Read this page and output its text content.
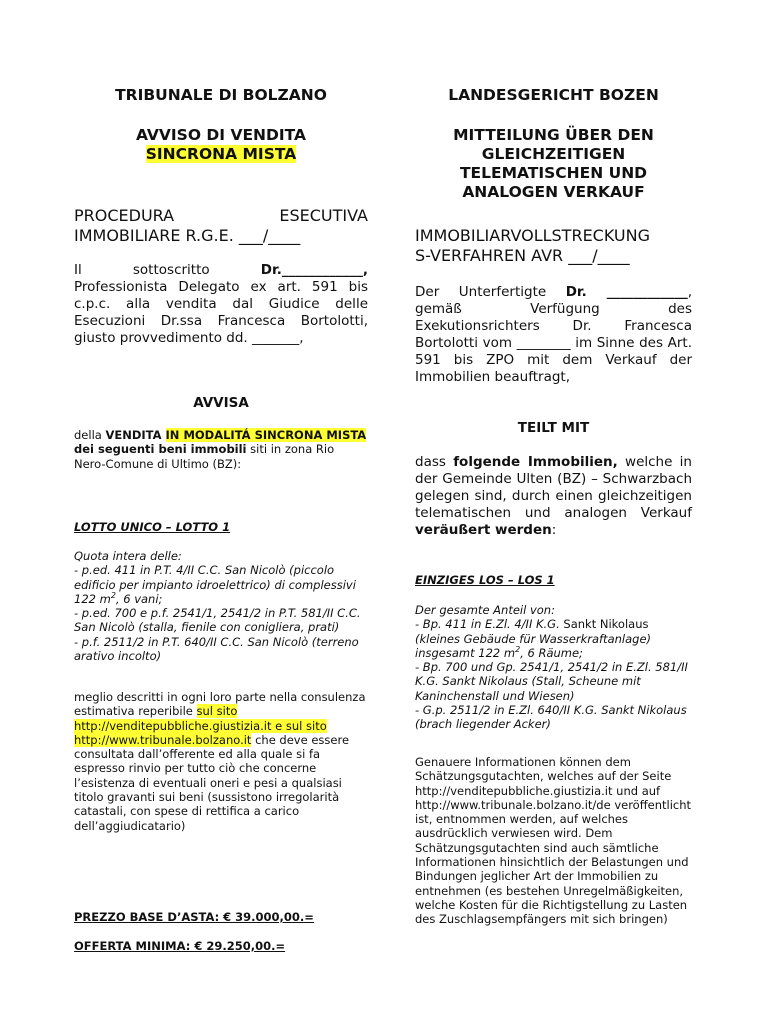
TRIBUNALE DI BOLZANO

AVVISO DI VENDITA
SINCRONA MISTA

PROCEDURA ESECUTIVA IMMOBILIARE R.G.E. ___/____

Il sottoscritto Dr.____________, Professionista Delegato ex art. 591 bis c.p.c. alla vendita dal Giudice delle Esecuzioni Dr.ssa Francesca Bortolotti, giusto provvedimento dd. _______,

AVVISA

della VENDITA IN MODALITÁ SINCRONA MISTA dei seguenti beni immobili siti in zona Rio Nero-Comune di Ultimo (BZ):

LOTTO UNICO – LOTTO 1

Quota intera delle:
- p.ed. 411 in P.T. 4/II C.C. San Nicolò (piccolo edificio per impianto idroelettrico) di complessivi 122 $m^2$, 6 vani;
- p.ed. 700 e p.f. 2541/1, 2541/2 in P.T. 581/II C.C. San Nicolò (stalla, fienile con conigliera, prati)
- p.f. 2511/2 in P.T. 640/II C.C. San Nicolò (terreno arativo incolto)

meglio descritti in ogni loro parte nella consulenza estimativa reperibile sul sito http://venditepubbliche.giustizia.it e sul sito http://www.tribunale.bolzano.it che deve essere consultata dall’offerente ed alla quale si fa espresso rinvio per tutto ciò che concerne l’esistenza di eventuali oneri e pesi a qualsiasi titolo gravanti sui beni (sussistono irregolarità catastali, con spese di rettifica a carico dell’aggiudicatario)

PREZZO BASE D’ASTA: € 39.000,00.=

OFFERTA MINIMA: € 29.250,00.=

LANDESGERICHT BOZEN

MITTEILUNG ÜBER DEN GLEICHZEITIGEN TELEMATISCHEN UND ANALOGEN VERKAUF

IMMOBILIARVOLLSTRECKUNG
S-VERFAHREN AVR ___/____

Der Unterfertigte Dr. ____________, gemäß Verfügung des Exekutionsrichters Dr. Francesca Bortolotti vom ________ im Sinne des Art. 591 bis ZPO mit dem Verkauf der Immobilien beauftragt,

TEILT MIT

dass folgende Immobilien, welche in der Gemeinde Ulten (BZ) – Schwarzbach gelegen sind, durch einen gleichzeitigen telematischen und analogen Verkauf veräußert werden:

EINZIGES LOS – LOS 1

Der gesamte Anteil von:
- Bp. 411 in E.Zl. 4/II K.G. Sankt Nikolaus (kleines Gebäude für Wasserkraftanlage) insgesamt 122 $m^2$, 6 Räume;
- Bp. 700 und Gp. 2541/1, 2541/2 in E.Zl. 581/II K.G. Sankt Nikolaus (Stall, Scheune mit Kaninchenstall und Wiesen)
- G.p. 2511/2 in E.Zl. 640/II K.G. Sankt Nikolaus (brach liegender Acker)

Genauere Informationen können dem Schätzungsgutachten, welches auf der Seite http://venditepubbliche.giustizia.it und auf http://www.tribunale.bolzano.it/de veröffentlicht ist, entnommen werden, auf welches ausdrücklich verwiesen wird. Dem Schätzungsgutachten sind auch sämtliche Informationen hinsichtlich der Belastungen und Bindungen jeglicher Art der Immobilien zu entnehmen (es bestehen Unregelmäßigkeiten, welche Kosten für die Richtigstellung zu Lasten des Zuschlagsempfängers mit sich bringen)
